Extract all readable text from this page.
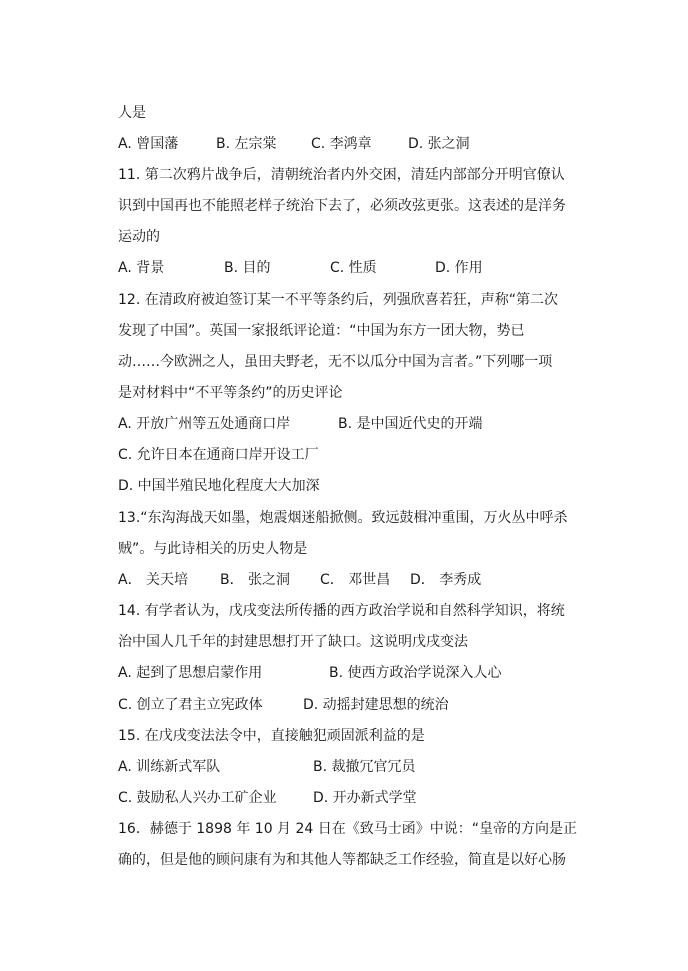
人是
A. 曾国藩	B. 左宗棠 C. 李鸿章	D. 张之洞
11. 第二次鸦片战争后，清朝统治者内外交困，清廷内部部分开明官僚认
识到中国再也不能照老样子统治下去了，必须改弦更张。这表述的是洋务
运动的
A. 背景	B. 目的	C. 性质	D. 作用
12. 在清政府被迫签订某一不平等条约后，列强欣喜若狂，声称“第二次
发现了中国”。英国一家报纸评论道：“中国为东方一团大物，势已
动……今欧洲之人，虽田夫野老，无不以瓜分中国为言者。”下列哪一项
是对材料中“不平等条约”的历史评论
A. 开放广州等五处通商口岸	B. 是中国近代史的开端
C. 允许日本在通商口岸开设工厂
D. 中国半殖民地化程度大大加深
13.“东沟海战天如墨，炮震烟迷船掀侧。致远鼓楫冲重围，万火丛中呼杀
贼”。与此诗相关的历史人物是
A． 关天培 B． 张之洞 C． 邓世昌 D． 李秀成
14. 有学者认为，戊戌变法所传播的西方政治学说和自然科学知识，将统
治中国人几千年的封建思想打开了缺口。这说明戊戌变法
A. 起到了思想启蒙作用	B. 使西方政治学说深入人心
C. 创立了君主立宪政体	D. 动摇封建思想的统治
15. 在戊戌变法法令中，直接触犯顽固派利益的是
A. 训练新式军队	B. 裁撤冗官冗员
C. 鼓励私人兴办工矿企业	D. 开办新式学堂
16．赫德于 1898 年 10 月 24 日在《致马士函》中说：“皇帝的方向是正
确的，但是他的顾问康有为和其他人等都缺乏工作经验，简直是以好心肠
